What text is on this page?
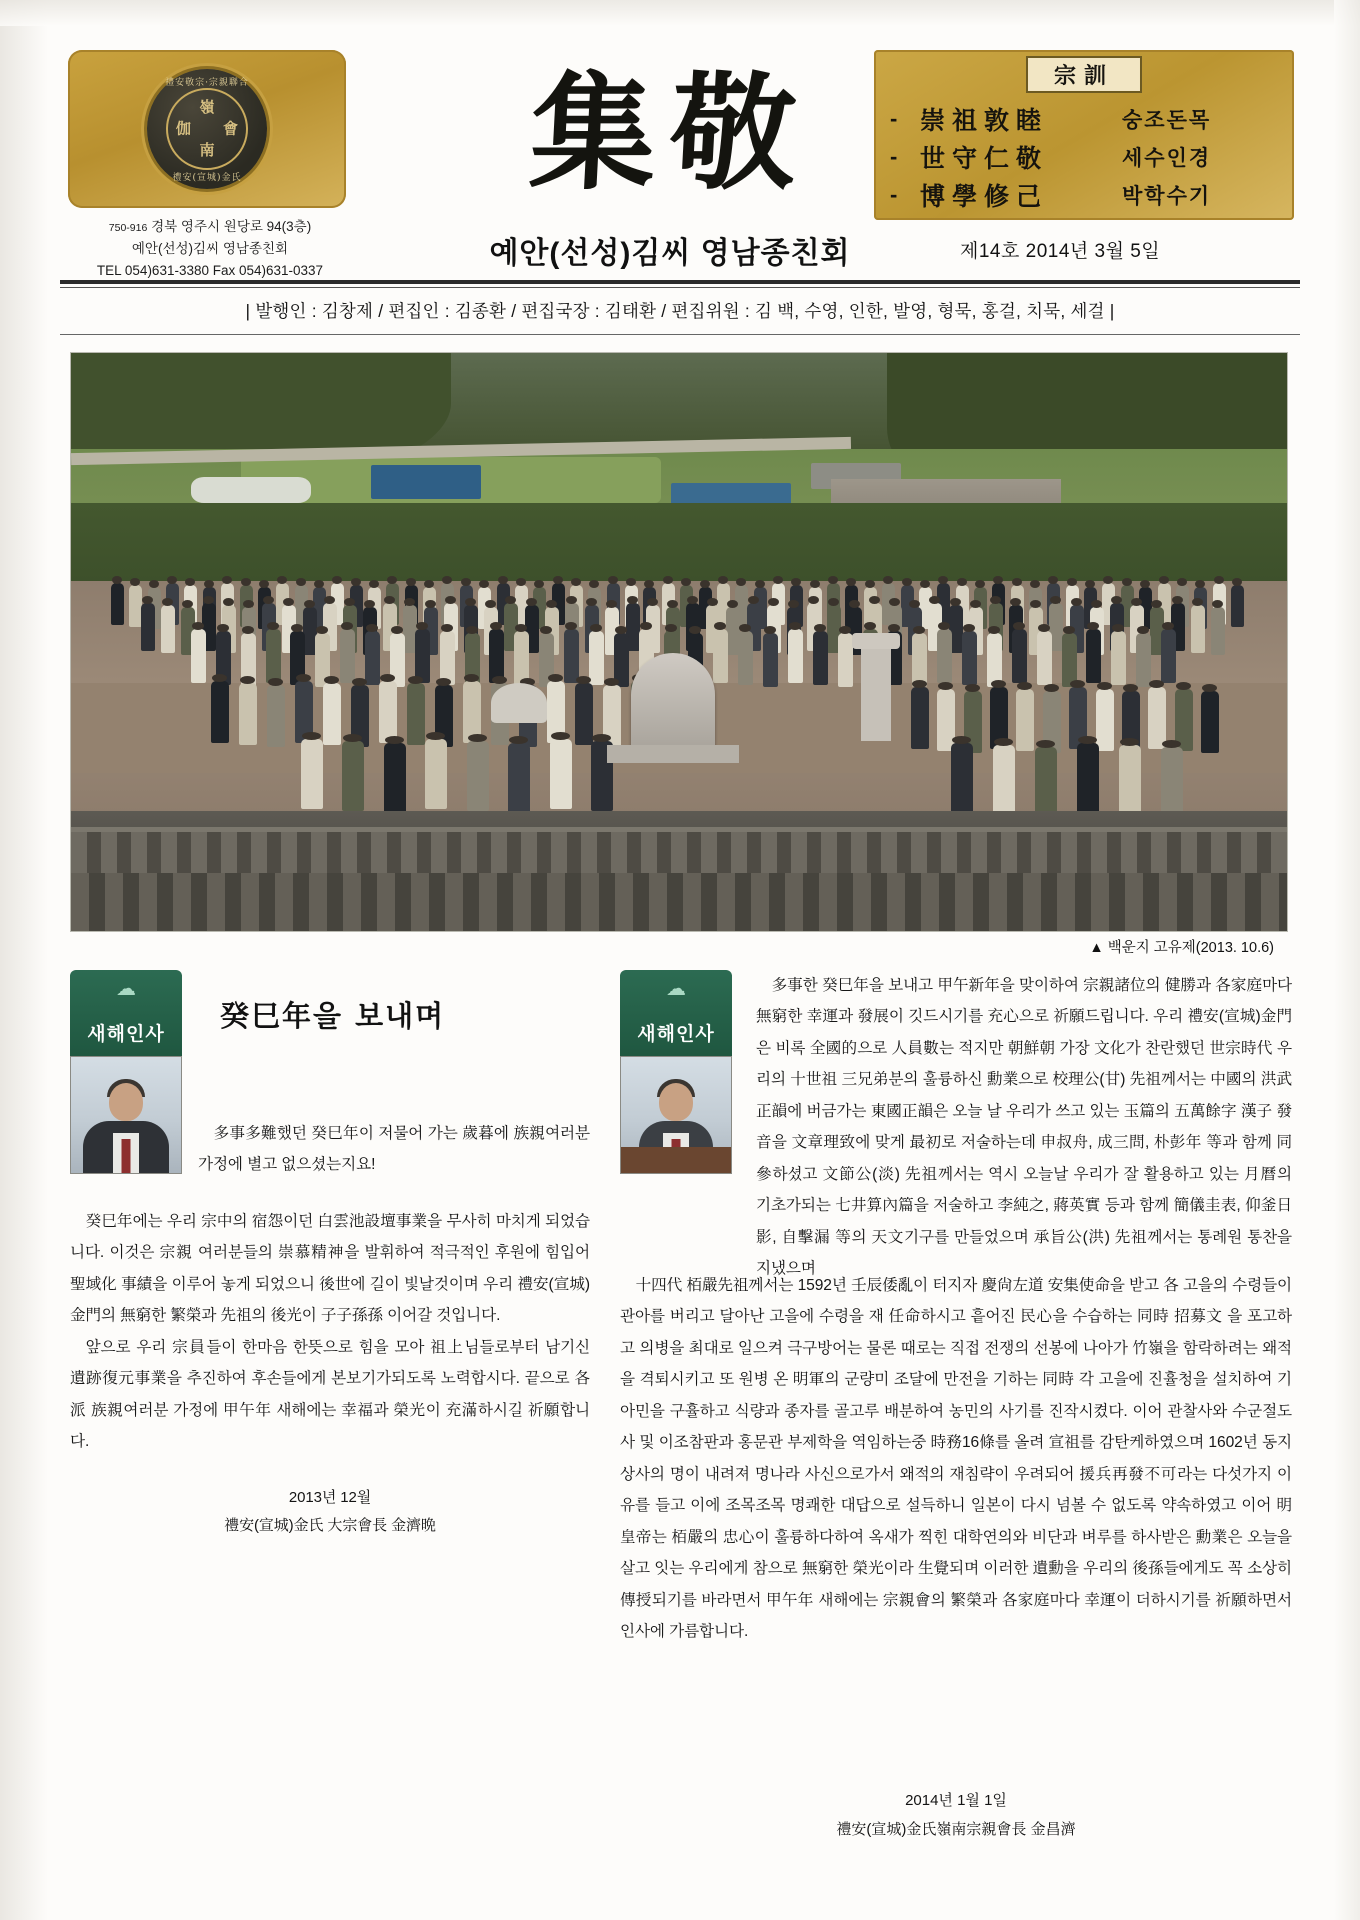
禮安敬宗·宗親聯合
禮安(宣城)金氏
嶺
伽 會
南
750-916 경북 영주시 원당로 94(3층)
예안(선성)김씨 영남종친회
TEL 054)631-3380 Fax 054)631-0337
集敬
예안(선성)김씨 영남종친회	제14호 2014년 3월 5일
宗訓
- 崇祖敦睦	숭조돈목
- 世守仁敬	세수인경
- 博學修己	박학수기
| 발행인 : 김창제 / 편집인 : 김종환 / 편집국장 : 김태환 / 편집위원 : 김 백, 수영, 인한, 발영, 형묵, 홍걸, 치묵, 세걸 |
▲ 백운지 고유제(2013. 10.6)
☁
새해인사
癸巳年을 보내며

多事多難했던 癸巳年이 저물어 가는 歲暮에 族親여러분 가정에 별고 없으셨는지요!

癸巳年에는 우리 宗中의 宿怨이던 白雲池設壇事業을 무사히 마치게 되었습니다. 이것은 宗親 여러분들의 崇慕精神을 발휘하여 적극적인 후원에 힘입어 聖域化 事績을 이루어 놓게 되었으니 後世에 길이 빛날것이며 우리 禮安(宣城)金門의 無窮한 繁榮과 先祖의 後光이 子子孫孫 이어갈 것입니다.

앞으로 우리 宗員들이 한마음 한뜻으로 힘을 모아 祖上님들로부터 남기신 遺跡復元事業을 추진하여 후손들에게 본보기가되도록 노력합시다. 끝으로 各派 族親여러분 가정에 甲午年 새해에는 幸福과 榮光이 充滿하시길 祈願합니다.

2013년 12월
禮安(宣城)金氏 大宗會長 金濟晩
☁
새해인사

多事한 癸巳年을 보내고 甲午新年을 맞이하여 宗親諸位의 健勝과 各家庭마다 無窮한 幸運과 發展이 깃드시기를 充心으로 祈願드립니다. 우리 禮安(宣城)金門은 비록 全國的으로 人員數는 적지만 朝鮮朝 가장 文化가 찬란했던 世宗時代 우리의 十世祖 三兄弟분의 훌륭하신 勳業으로 校理公(甘) 先祖께서는 中國의 洪武正韻에 버금가는 東國正韻은 오늘 날 우리가 쓰고 있는 玉篇의 五萬餘字 漢子 發音을 文章理致에 맞게 最初로 저술하는데 申叔舟, 成三問, 朴彭年 等과 함께 同參하셨고 文節公(淡) 先祖께서는 역시 오늘날 우리가 잘 활용하고 있는 月曆의 기초가되는 七井算內篇을 저술하고 李純之, 蔣英實 등과 함께 簡儀圭表, 仰釜日影, 自擊漏 等의 天文기구를 만들었으며 承旨公(洪) 先祖께서는 통례원 통찬을 지냈으며

十四代 栢嚴先祖께서는 1592년 壬辰倭亂이 터지자 慶尙左道 安集使命을 받고 各 고을의 수령들이 관아를 버리고 달아난 고을에 수령을 재 任命하시고 흩어진 民心을 수습하는 同時 招募文 을 포고하고 의병을 최대로 일으켜 극구방어는 물론 때로는 직접 전쟁의 선봉에 나아가 竹嶺을 함락하려는 왜적을 격퇴시키고 또 원병 온 明軍의 군량미 조달에 만전을 기하는 同時 각 고을에 진휼청을 설치하여 기아민을 구휼하고 식량과 종자를 골고루 배분하여 농민의 사기를 진작시켰다. 이어 관찰사와 수군절도사 및 이조참판과 홍문관 부제학을 역임하는중 時務16條를 올려 宣祖를 감탄케하였으며 1602년 동지상사의 명이 내려져 명나라 사신으로가서 왜적의 재침략이 우려되어 援兵再發不可라는 다섯가지 이유를 들고 이에 조목조목 명쾌한 대답으로 설득하니 일본이 다시 넘볼 수 없도록 약속하였고 이어 明 皇帝는 栢嚴의 忠心이 훌륭하다하여 옥새가 찍힌 대학연의와 비단과 벼루를 하사받은 勳業은 오늘을 살고 잇는 우리에게 참으로 無窮한 榮光이라 生覺되며 이러한 遺勳을 우리의 後孫들에게도 꼭 소상히 傳授되기를 바라면서 甲午年 새해에는 宗親會의 繁榮과 各家庭마다 幸運이 더하시기를 祈願하면서 인사에 가름합니다.

2014년 1월 1일
禮安(宣城)金氏嶺南宗親會長 金昌濟
